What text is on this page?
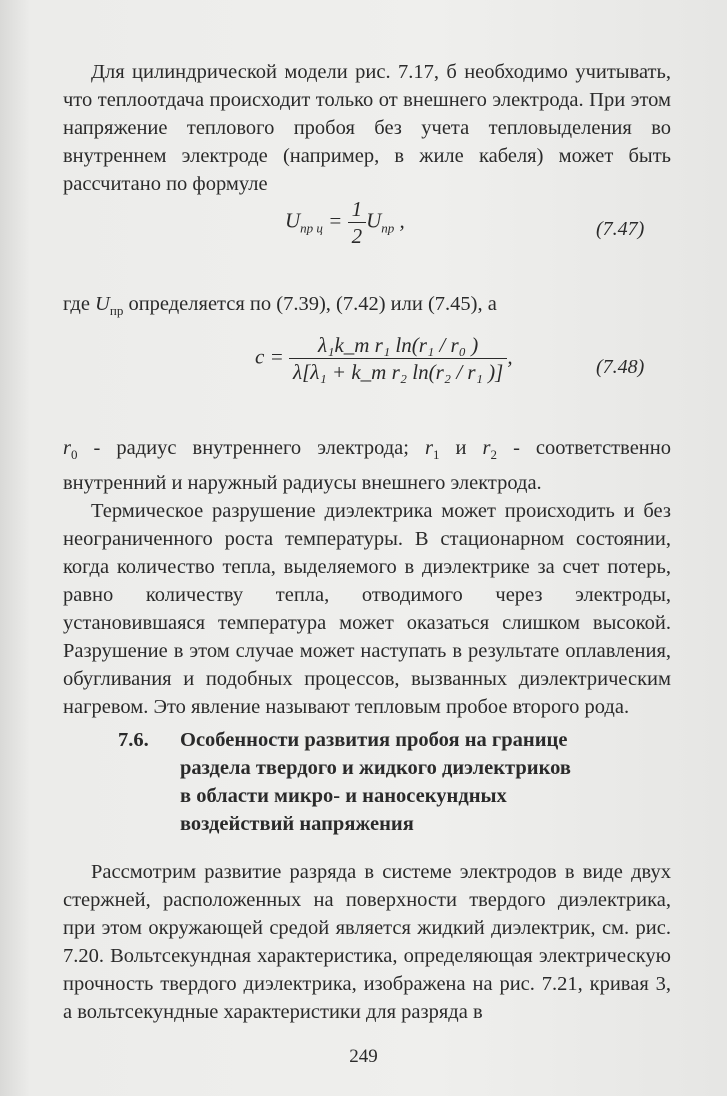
Для цилиндрической модели рис. 7.17, б необходимо учитывать, что теплоотдача происходит только от внешнего электрода. При этом напряжение теплового пробоя без учета тепловыделения во внутреннем электроде (например, в жиле кабеля) может быть рассчитано по формуле

$U_{пр ц} = \frac{1}{2} U_{пр}$ ,	(7.47)

где $U_{пр}$ определяется по (7.39), (7.42) или (7.45), а

$c = \frac{\text{λ₁k\_т r₁ ln(r₁ / r₀ )}}{\text{λ[λ₁ + k\_т r₂ ln(r₂ / r₁ )]}}$ ,	(7.48)

$r_0$ - радиус внутреннего электрода; $r_1$ и $r_2$ - соответственно внутренний и наружный радиусы внешнего электрода.

Термическое разрушение диэлектрика может происходить и без неограниченного роста температуры. В стационарном состоянии, когда количество тепла, выделяемого в диэлектрике за счет потерь, равно количеству тепла, отводимого через электроды, установившаяся температура может оказаться слишком высокой. Разрушение в этом случае может наступать в результате оплавления, обугливания и подобных процессов, вызванных диэлектрическим нагревом. Это явление называют тепловым пробое второго рода.

7.6. Особенности развития пробоя на границе
раздела твердого и жидкого диэлектриков
в области микро- и наносекундных
воздействий напряжения

Рассмотрим развитие разряда в системе электродов в виде двух стержней, расположенных на поверхности твердого диэлектрика, при этом окружающей средой является жидкий диэлектрик, см. рис. 7.20. Вольтсекундная характеристика, определяющая электрическую прочность твердого диэлектрика, изображена на рис. 7.21, кривая 3, а вольтсекундные характеристики для разряда в

249
